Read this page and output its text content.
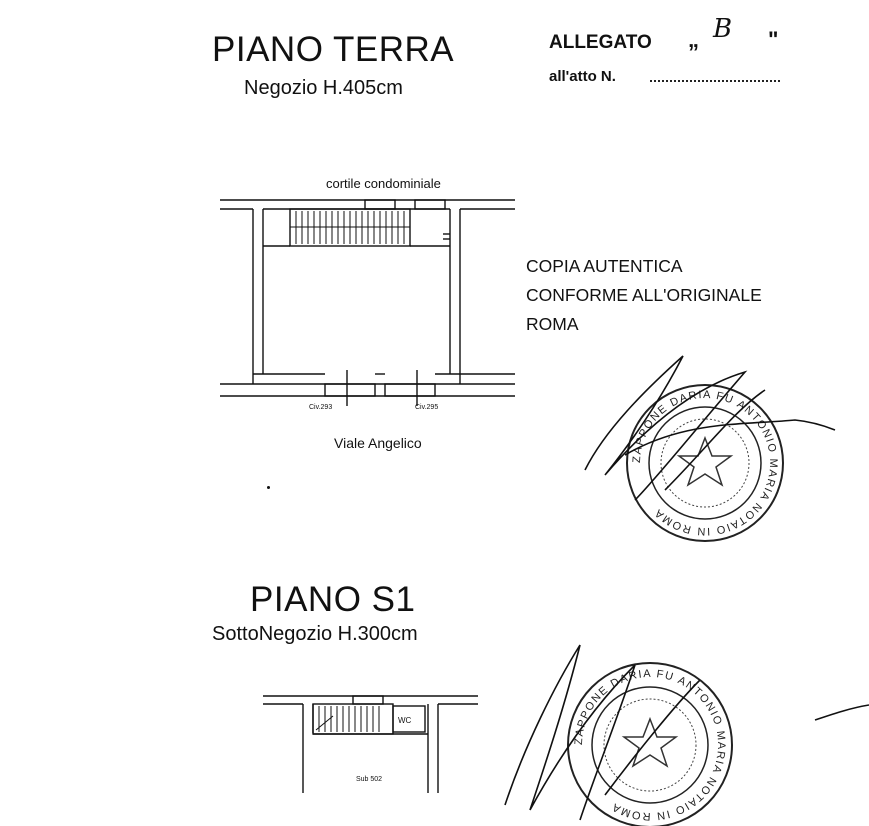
PIANO TERRA
Negozio H.405cm
ALLEGATO „ B "
all'atto N.
COPIA AUTENTICA
CONFORME ALL'ORIGINALE
ROMA
cortile condominiale
Civ.293	Civ.295
Viale Angelico
ZAPPONE DARIA FU ANTONIO MARIA NOTAIO IN ROMA
PIANO S1
SottoNegozio H.300cm
WC
Sub 502
ZAPPONE DARIA FU ANTONIO MARIA NOTAIO IN ROMA
